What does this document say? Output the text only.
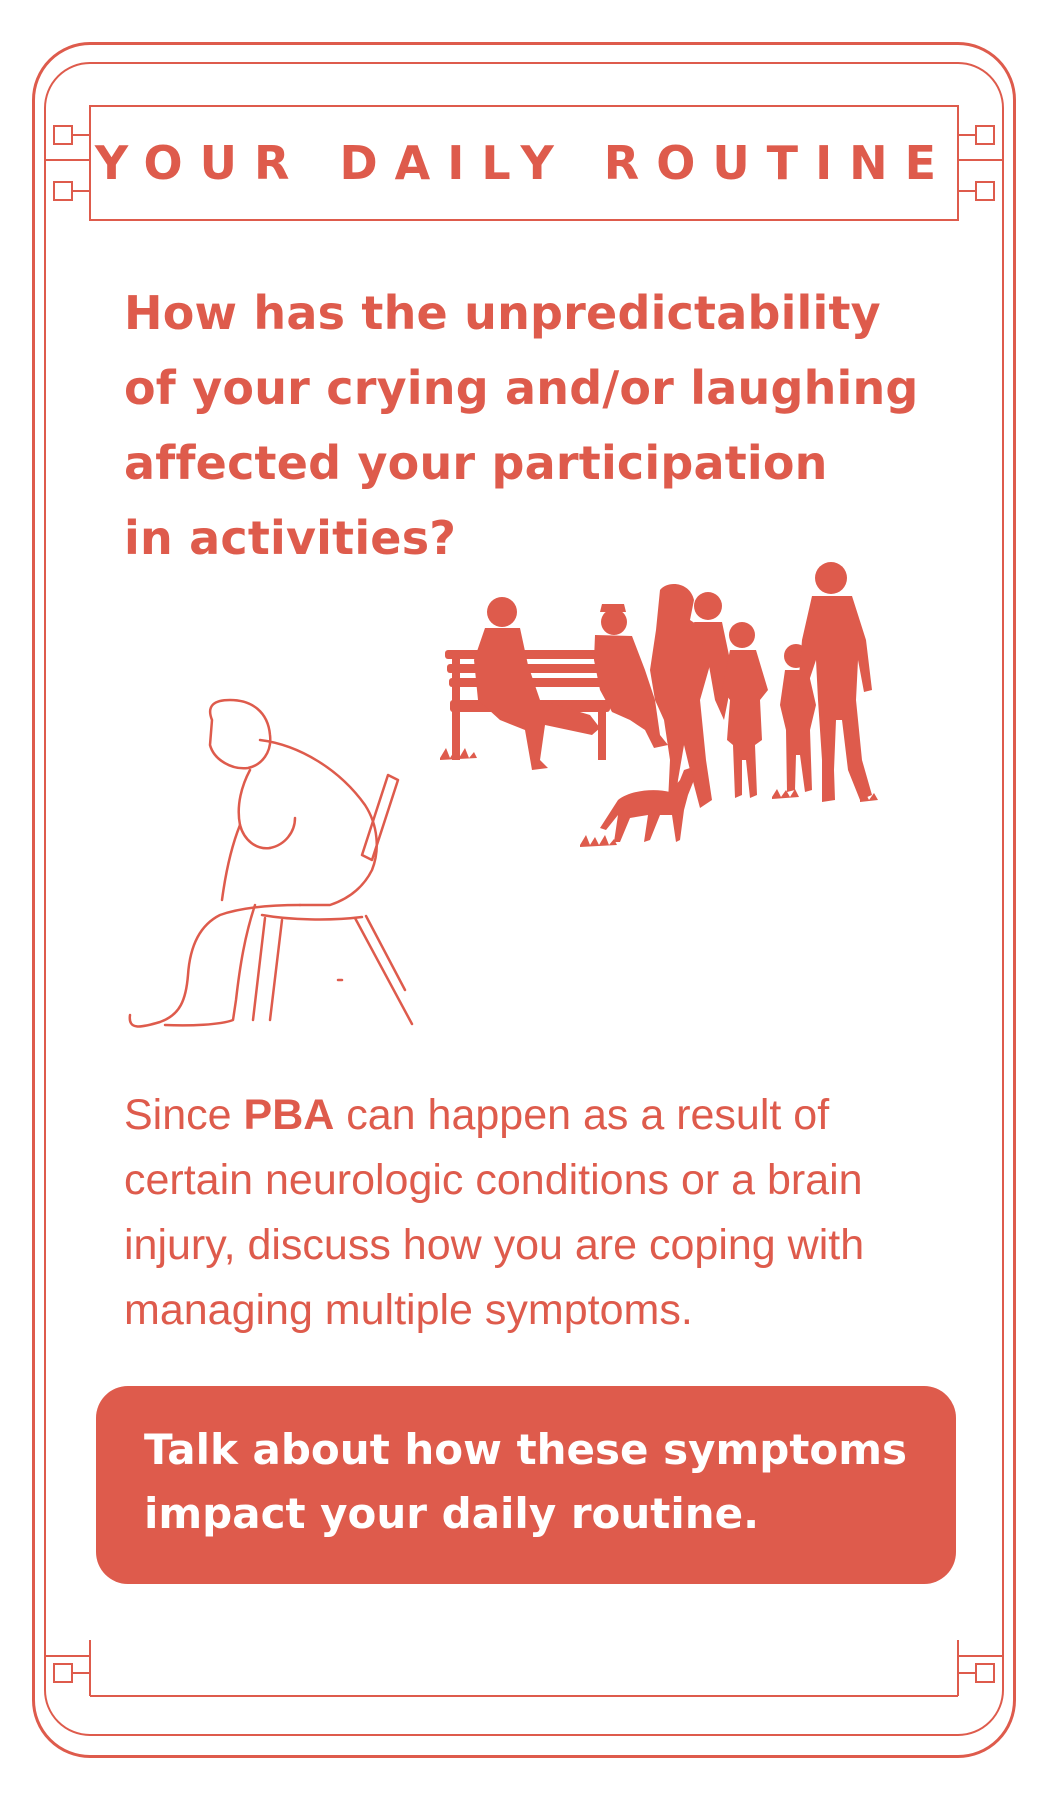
YOUR DAILY ROUTINE
How has the unpredictability
of your crying and/or laughing
affected your participation
in activities?
Since PBA can happen as a result of
certain neurologic conditions or a brain
injury, discuss how you are coping with
managing multiple symptoms.
Talk about how these symptoms
impact your daily routine.
